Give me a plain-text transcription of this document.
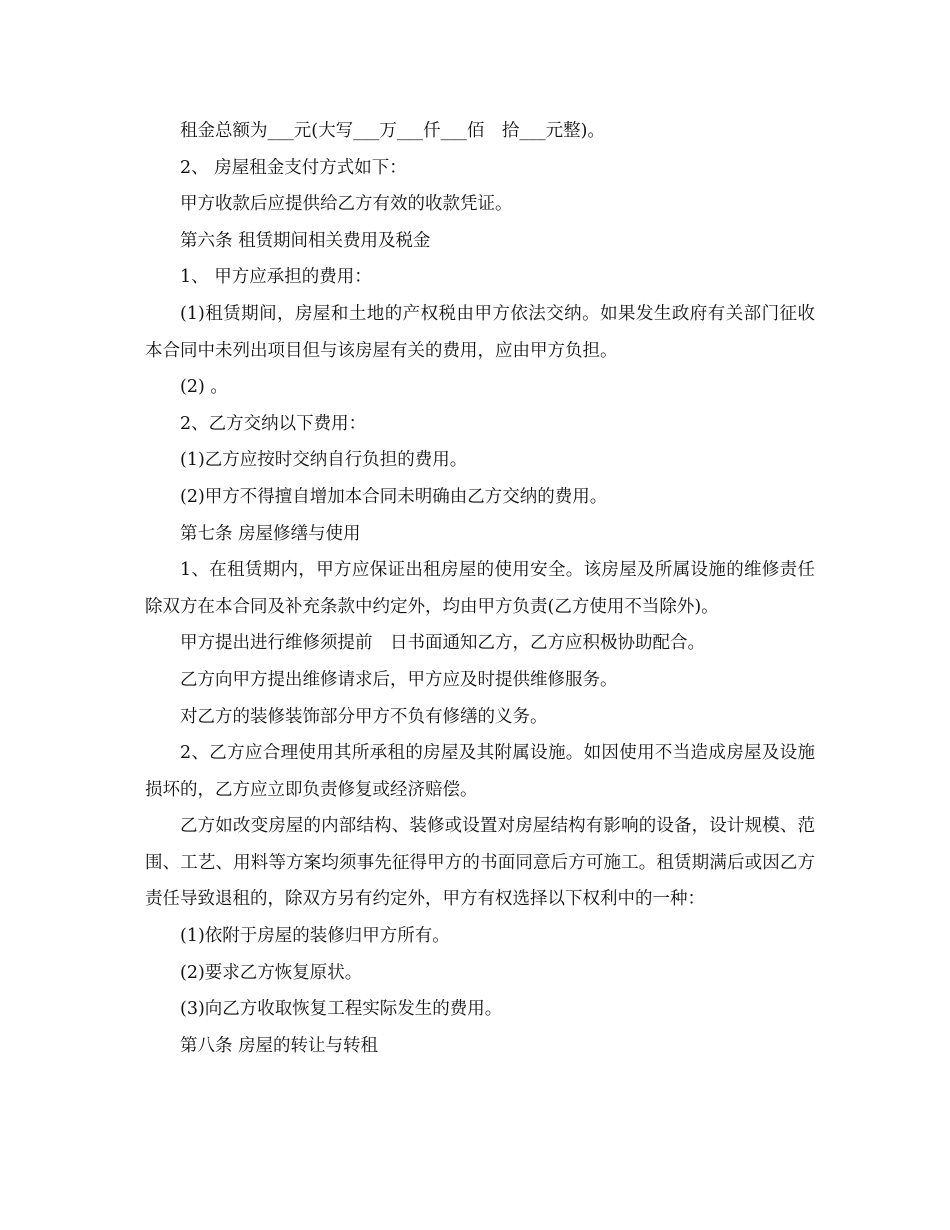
租金总额为___元(大写___万___仟___佰　拾___元整)。

2、 房屋租金支付方式如下：

甲方收款后应提供给乙方有效的收款凭证。

第六条 租赁期间相关费用及税金

1、 甲方应承担的费用：

(1)租赁期间，房屋和土地的产权税由甲方依法交纳。如果发生政府有关部门征收本合同中未列出项目但与该房屋有关的费用，应由甲方负担。

(2) 。

2、乙方交纳以下费用：

(1)乙方应按时交纳自行负担的费用。

(2)甲方不得擅自增加本合同未明确由乙方交纳的费用。

第七条 房屋修缮与使用

1、在租赁期内，甲方应保证出租房屋的使用安全。该房屋及所属设施的维修责任除双方在本合同及补充条款中约定外，均由甲方负责(乙方使用不当除外)。

甲方提出进行维修须提前　日书面通知乙方，乙方应积极协助配合。

乙方向甲方提出维修请求后，甲方应及时提供维修服务。

对乙方的装修装饰部分甲方不负有修缮的义务。

2、乙方应合理使用其所承租的房屋及其附属设施。如因使用不当造成房屋及设施损坏的，乙方应立即负责修复或经济赔偿。

乙方如改变房屋的内部结构、装修或设置对房屋结构有影响的设备，设计规模、范围、工艺、用料等方案均须事先征得甲方的书面同意后方可施工。租赁期满后或因乙方责任导致退租的，除双方另有约定外，甲方有权选择以下权利中的一种：

(1)依附于房屋的装修归甲方所有。

(2)要求乙方恢复原状。

(3)向乙方收取恢复工程实际发生的费用。

第八条 房屋的转让与转租
